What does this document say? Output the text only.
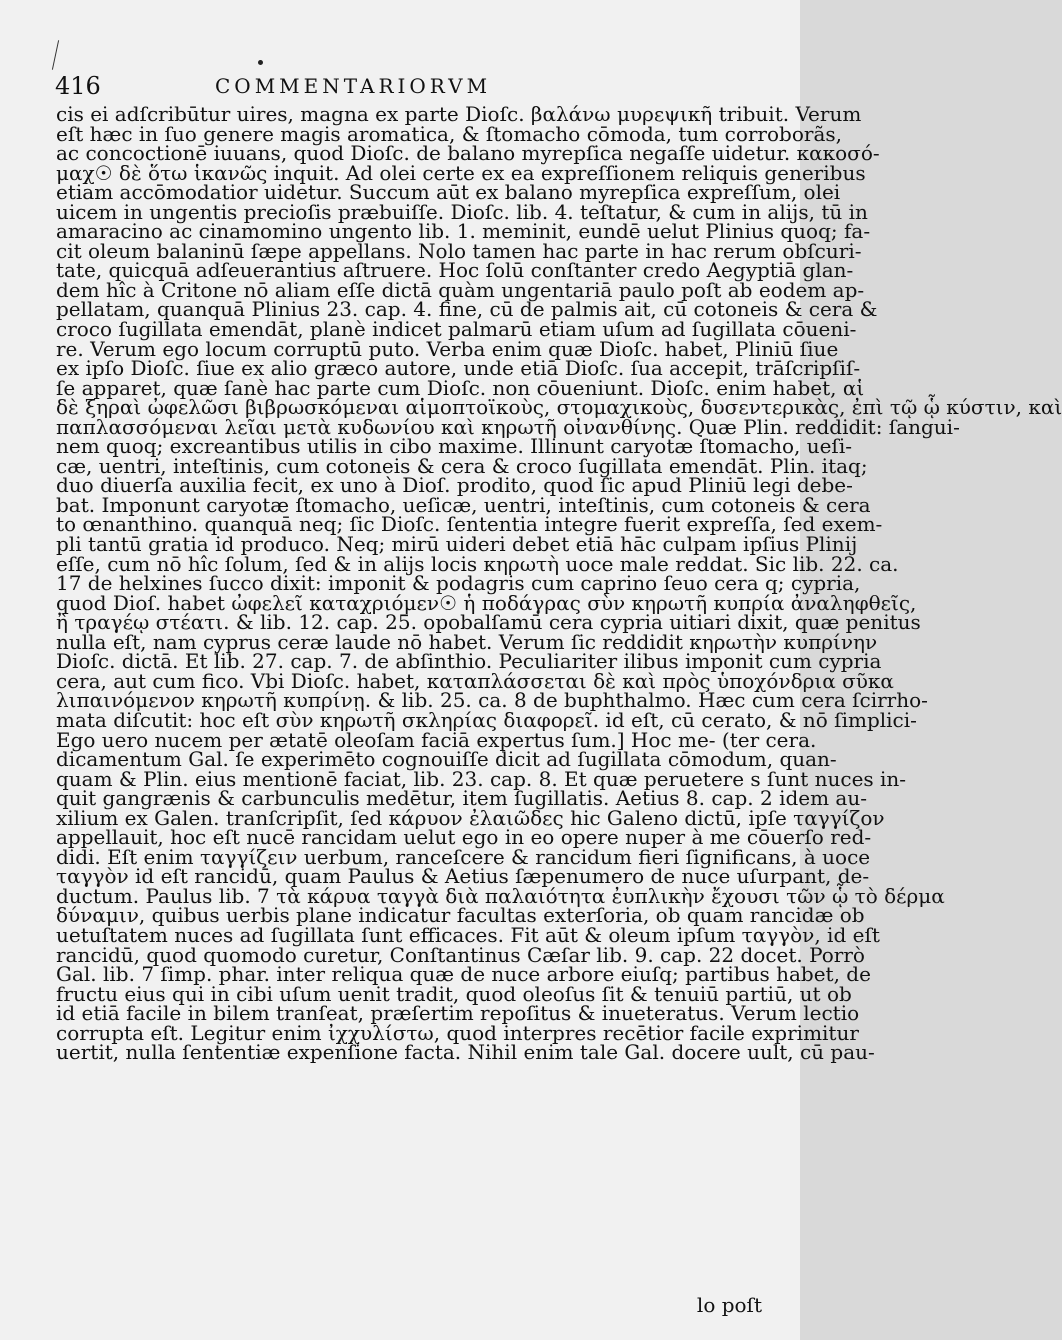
416	COMMENTARIORVM
cis ei adſcribūtur uires, magna ex parte Dioſc. βαλάνω μυρεψικῆ tribuit. Verum
eſt hæc in ſuo genere magis aromatica, & ſtomacho cōmoda, tum corroborãs,
ac concoctionē iuuans, quod Dioſc. de balano myrepſica negaſſe uidetur. κακοσό-
μαχ☉ δὲ ὅτω ἱκανῶς inquit. Ad olei certe ex ea expreſſionem reliquis generibus
etiam accōmodatior uidetur. Succum aūt ex balano myrepſica expreſſum, olei
uicem in ungentis precioſis præbuiſſe. Dioſc. lib. 4. teſtatur, & cum in alijs, tū in
amaracino ac cinamomino ungento lib. 1. meminit, eundē uelut Plinius quoq; fa-
cit oleum balaninū ſæpe appellans. Nolo tamen hac parte in hac rerum obſcuri-
tate, quicquā adſeuerantius aſtruere. Hoc ſolū conſtanter credo Aegyptiā glan-
dem hîc à Critone nō aliam eſſe dictā quàm ungentariā paulo poſt ab eodem ap-
pellatam, quanquā Plinius 23. cap. 4. fine, cū de palmis ait, cū cotoneis & cera &
croco ſugillata emendāt, planè indicet palmarū etiam uſum ad ſugillata cōueni-
re. Verum ego locum corruptū puto. Verba enim quæ Dioſc. habet, Pliniū ſiue
ex ipſo Dioſc. ſiue ex alio græco autore, unde etiā Dioſc. ſua accepit, trāſcripſiſ-
ſe apparet, quæ ſanè hac parte cum Dioſc. non cōueniunt. Dioſc. enim habet, αἱ
δὲ ξηραὶ ὠφελῶσι βιβρωσκόμεναι αἱμοπτοϊκοὺς, στομαχικοὺς, δυσεντερικὰς, ἐπὶ τῷ ᾧ κύστιν, καὶ
παπλασσόμεναι λεῖαι μετὰ κυδωνίου καὶ κηρωτῆ οἰνανθίνης. Quæ Plin. reddidit: ſangui-
nem quoq; excreantibus utilis in cibo maxime. Illinunt caryotæ ſtomacho, ueſi-
cæ, uentri, inteſtinis, cum cotoneis & cera & croco ſugillata emendāt. Plin. itaq;
duo diuerſa auxilia fecit, ex uno à Dioſ. prodito, quod ſic apud Pliniū legi debe-
bat. Imponunt caryotæ ſtomacho, ueſicæ, uentri, inteſtinis, cum cotoneis & cera
to œnanthino. quanquā neq; ſic Dioſc. ſententia integre fuerit expreſſa, ſed exem-
pli tantū gratia id produco. Neq; mirū uideri debet etiā hāc culpam ipſius Plinij
eſſe, cum nō hîc ſolum, ſed & in alijs locis κηρωτὴ uoce male reddat. Sic lib. 22. ca.
17 de helxines ſucco dixit: imponit & podagris cum caprino ſeuo cera q; cypria,
quod Dioſ. habet ὠφελεῖ καταχριόμεν☉ ἡ ποδάγρας σὺν κηρωτῆ κυπρία ἀναληφθεῖς,
ἢ τραγέῳ στέατι. & lib. 12. cap. 25. opobalſamū cera cypria uitiari dixit, quæ penitus
nulla eſt, nam cyprus ceræ laude nō habet. Verum ſic reddidit κηρωτὴν κυπρίνην
Dioſc. dictā. Et lib. 27. cap. 7. de abſinthio. Peculiariter ilibus imponit cum cypria
cera, aut cum fico. Vbi Dioſc. habet, καταπλάσσεται δὲ καὶ πρὸς ὑποχόνδρια σῦκα
λιπαινόμενον κηρωτῆ κυπρίνῃ. & lib. 25. ca. 8 de buphthalmo. Hæc cum cera ſcirrho-
mata diſcutit: hoc eſt σὺν κηρωτῆ σκληρίας διαφορεῖ. id eſt, cū cerato, & nō ſimplici-
Ego uero nucem per ætatē oleoſam faciā expertus ſum.] Hoc me- (ter cera.
dicamentum Gal. ſe experimēto cognouiſſe dicit ad ſugillata cōmodum, quan-
quam & Plin. eius mentionē faciat, lib. 23. cap. 8. Et quæ peruetere s ſunt nuces in-
quit gangrænis & carbunculis medētur, item ſugillatis. Aetius 8. cap. 2 idem au-
xilium ex Galen. tranſcripſit, ſed κάρυον ἐλαιῶδες hic Galeno dictū, ipſe ταγγίζον
appellauit, hoc eſt nucē rancidam uelut ego in eo opere nuper à me cōuerſo red-
didi. Eſt enim ταγγίζειν uerbum, ranceſcere & rancidum fieri ſignificans, à uoce
ταγγὸν id eſt rancidū, quam Paulus & Aetius ſæpenumero de nuce uſurpant, de-
ductum. Paulus lib. 7 τὰ κάρυα ταγγὰ διὰ παλαιότητα ἐυπλικὴν ἔχουσι τῶν ᾧ τὸ δέρμα
δύναμιν, quibus uerbis plane indicatur facultas exterſoria, ob quam rancidæ ob
uetuſtatem nuces ad ſugillata ſunt efficaces. Fit aūt & oleum ipſum ταγγὸν, id eſt
rancidū, quod quomodo curetur, Conſtantinus Cæſar lib. 9. cap. 22 docet. Porrò
Gal. lib. 7 ſimp. phar. inter reliqua quæ de nuce arbore eiuſq; partibus habet, de
fructu eius qui in cibi uſum uenit tradit, quod oleoſus ſit & tenuiū partiū, ut ob
id etiā facile in bilem tranſeat, præſertim repoſitus & inueteratus. Verum lectio
corrupta eſt. Legitur enim ἰχχυλίστω, quod interpres recētior facile exprimitur
uertit, nulla ſententiæ expenſione facta. Nihil enim tale Gal. docere uult, cū pau-
lo poſt
